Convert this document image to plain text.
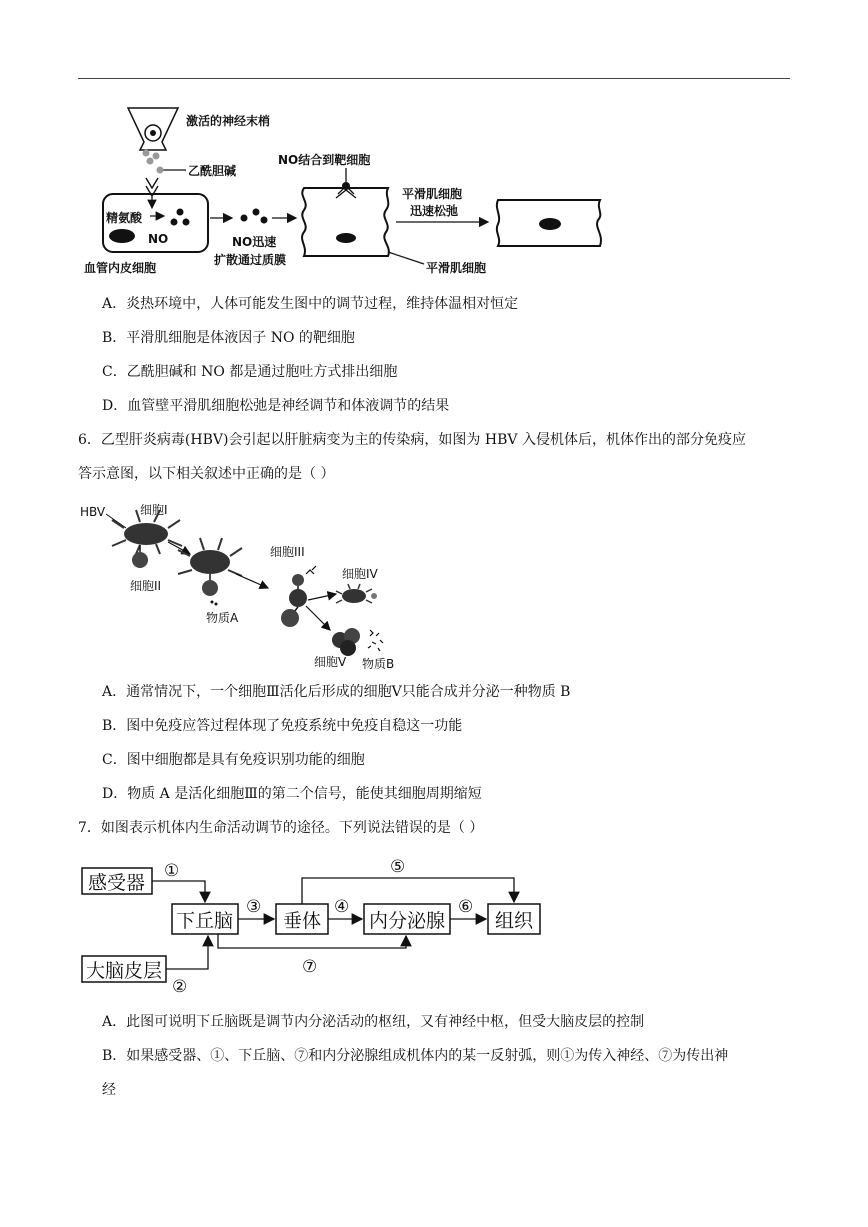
激活的神经末梢
乙酰胆碱
精氨酸
NO
血管内皮细胞
NO迅速
扩散通过质膜
NO结合到靶细胞
平滑肌细胞
迅速松弛
平滑肌细胞
A．炎热环境中，人体可能发生图中的调节过程，维持体温相对恒定
B．平滑肌细胞是体液因子 NO 的靶细胞
C．乙酰胆碱和 NO 都是通过胞吐方式排出细胞
D．血管壁平滑肌细胞松弛是神经调节和体液调节的结果
6．乙型肝炎病毒(HBV)会引起以肝脏病变为主的传染病，如图为 HBV 入侵机体后，机体作出的部分免疫应
答示意图，以下相关叙述中正确的是（ ）
HBV	细胞I
细胞II
物质A
细胞III
细胞IV
细胞V 物质B
A．通常情况下，一个细胞Ⅲ活化后形成的细胞Ⅴ只能合成并分泌一种物质 B
B．图中免疫应答过程体现了免疫系统中免疫自稳这一功能
C．图中细胞都是具有免疫识别功能的细胞
D．物质 A 是活化细胞Ⅲ的第二个信号，能使其细胞周期缩短
7．如图表示机体内生命活动调节的途径。下列说法错误的是（ ）
感受器
下丘脑	垂体	内分泌腺	组织
大脑皮层
①
②
③	④	⑥
⑤
⑦
A．此图可说明下丘脑既是调节内分泌活动的枢纽，又有神经中枢，但受大脑皮层的控制
B．如果感受器、①、下丘脑、⑦和内分泌腺组成机体内的某一反射弧，则①为传入神经、⑦为传出神
经
